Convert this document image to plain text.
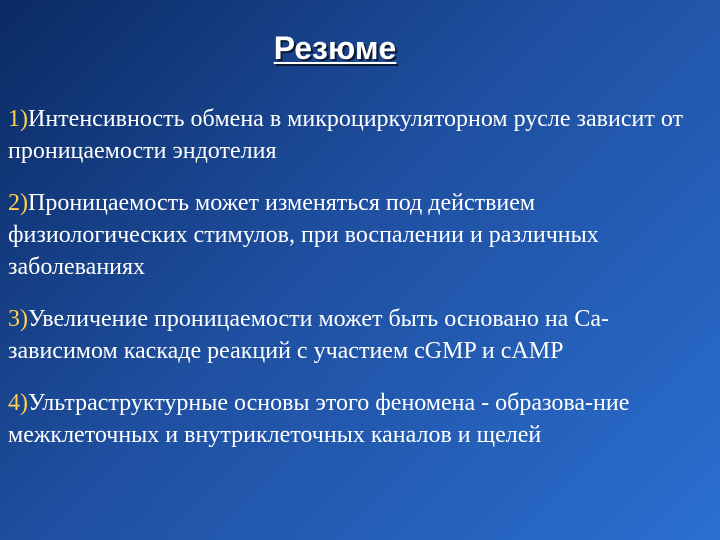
Резюме
1)Интенсивность обмена в микроциркуляторном русле зависит от проницаемости эндотелия
2)Проницаемость может изменяться под действием физиологических стимулов, при воспалении и различных заболеваниях
3)Увеличение проницаемости может быть основано на Са-зависимом каскаде реакций с участием cGMP и cAMP
4)Ультраструктурные основы этого феномена - образова-ние межклеточных и внутриклеточных каналов и щелей
